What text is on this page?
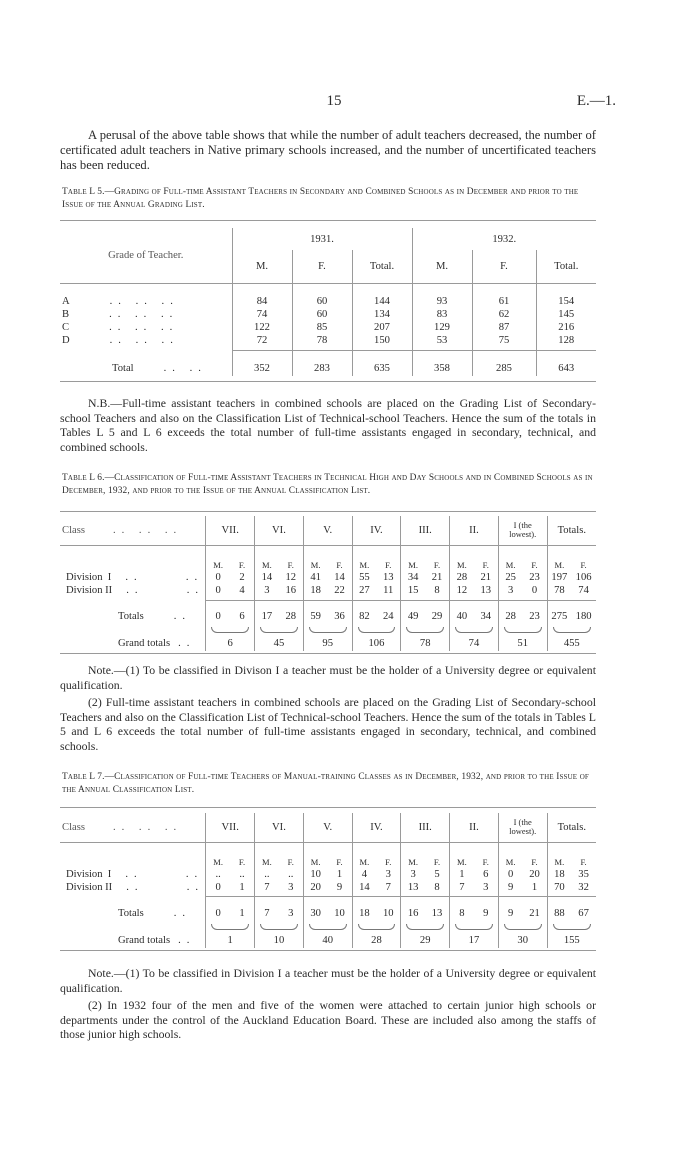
15	E.—1.

A perusal of the above table shows that while the number of adult teachers decreased, the number of certificated adult teachers in Native primary schools increased, and the number of uncertificated teachers has been reduced.

Table L 5.—Grading of Full-time Assistant Teachers in Secondary and Combined Schools as in December and prior to the Issue of the Annual Grading List.

Grade of Teacher.	1931.			1932.		
	M.	F.	Total.	M.	F.	Total.

A .. .. ..	84	60	144	93	61	154
B .. .. ..	74	60	134	83	62	145
C .. .. ..	122	85	207	129	87	216
D .. .. ..	72	78	150	53	75	128

Total .. ..	352	283	635	358	285	643

N.B.—Full-time assistant teachers in combined schools are placed on the Grading List of Secondary-school Teachers and also on the Classification List of Technical-school Teachers. Hence the sum of the totals in Tables L 5 and L 6 exceeds the total number of full-time assistants engaged in secondary, technical, and combined schools.

Table L 6.—Classification of Full-time Assistant Teachers in Technical High and Day Schools and in Combined Schools as in December, 1932, and prior to the Issue of the Annual Classification List.

Class .. .. ..	VII.		VI.		V.		IV.		III.		II.		I (the lowest).		Totals.	

	M.	F.	M.	F.	M.	F.	M.	F.	M.	F.	M.	F.	M.	F.	M.	F.
Division  I ..     ..	0	2	14	12	41	14	55	13	34	21	28	21	25	23	197	106
Division II ..     ..	0	4	3	16	18	22	27	11	15	8	12	13	3	0	78	74

Totals ..	0	6	17	28	59	36	82	24	49	29	40	34	28	23	275	180

Grand totals ..	6		45		95		106		78		74		51		455	

Note.—(1) To be classified in Divison I a teacher must be the holder of a University degree or equivalent qualification.

(2) Full-time assistant teachers in combined schools are placed on the Grading List of Secondary-school Teachers and also on the Classification List of Technical-school Teachers. Hence the sum of the totals in Tables L 5 and L 6 exceeds the total number of full-time assistants engaged in secondary, technical, and combined schools.

Table L 7.—Classification of Full-time Teachers of Manual-training Classes as in December, 1932, and prior to the Issue of the Annual Classification List.

Class .. .. ..	VII.		VI.		V.		IV.		III.		II.		I (the lowest).		Totals.	

	M.	F.	M.	F.	M.	F.	M.	F.	M.	F.	M.	F.	M.	F.	M.	F.
Division  I ..     ..	..	..	..	..	10	1	4	3	3	5	1	6	0	20	18	35
Division II ..     ..	0	1	7	3	20	9	14	7	13	8	7	3	9	1	70	32

Totals ..	0	1	7	3	30	10	18	10	16	13	8	9	9	21	88	67

Grand totals ..	1		10		40		28		29		17		30		155	

Note.—(1) To be classified in Division I a teacher must be the holder of a University degree or equivalent qualification.

(2) In 1932 four of the men and five of the women were attached to certain junior high schools or departments under the control of the Auckland Education Board. These are included also among the staffs of those junior high schools.
